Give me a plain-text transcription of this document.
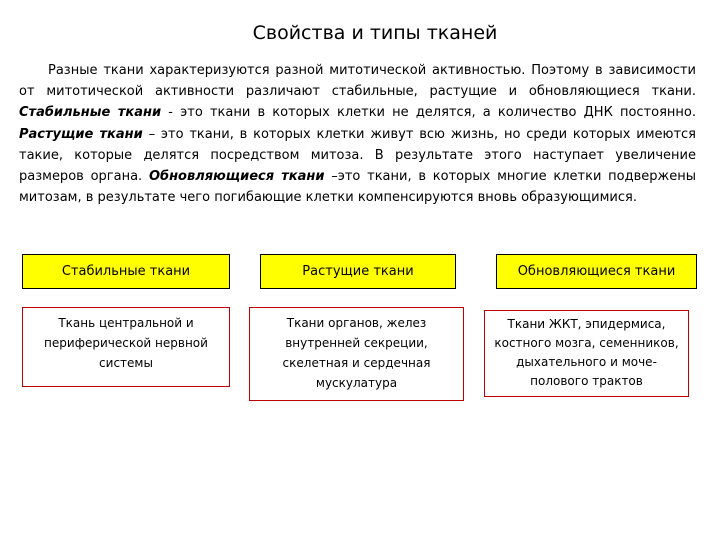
Свойства и типы тканей
Разные ткани характеризуются разной митотической активностью. Поэтому в зависимости от митотической активности различают стабильные, растущие и обновляющиеся ткани. Стабильные ткани - это ткани в которых клетки не делятся, а количество ДНК постоянно. Растущие ткани – это ткани, в которых клетки живут всю жизнь, но среди которых имеются такие, которые делятся посредством митоза. В результате этого наступает увеличение размеров органа. Обновляющиеся ткани –это ткани, в которых многие клетки подвержены митозам, в результате чего погибающие клетки компенсируются вновь образующимися.
Стабильные ткани	Растущие ткани	Обновляющиеся ткани
Ткань центральной и периферической нервной системы
Ткани органов, желез внутренней секреции, скелетная и сердечная мускулатура
Ткани ЖКТ, эпидермиса, костного мозга, семенников, дыхательного и моче-полового трактов
